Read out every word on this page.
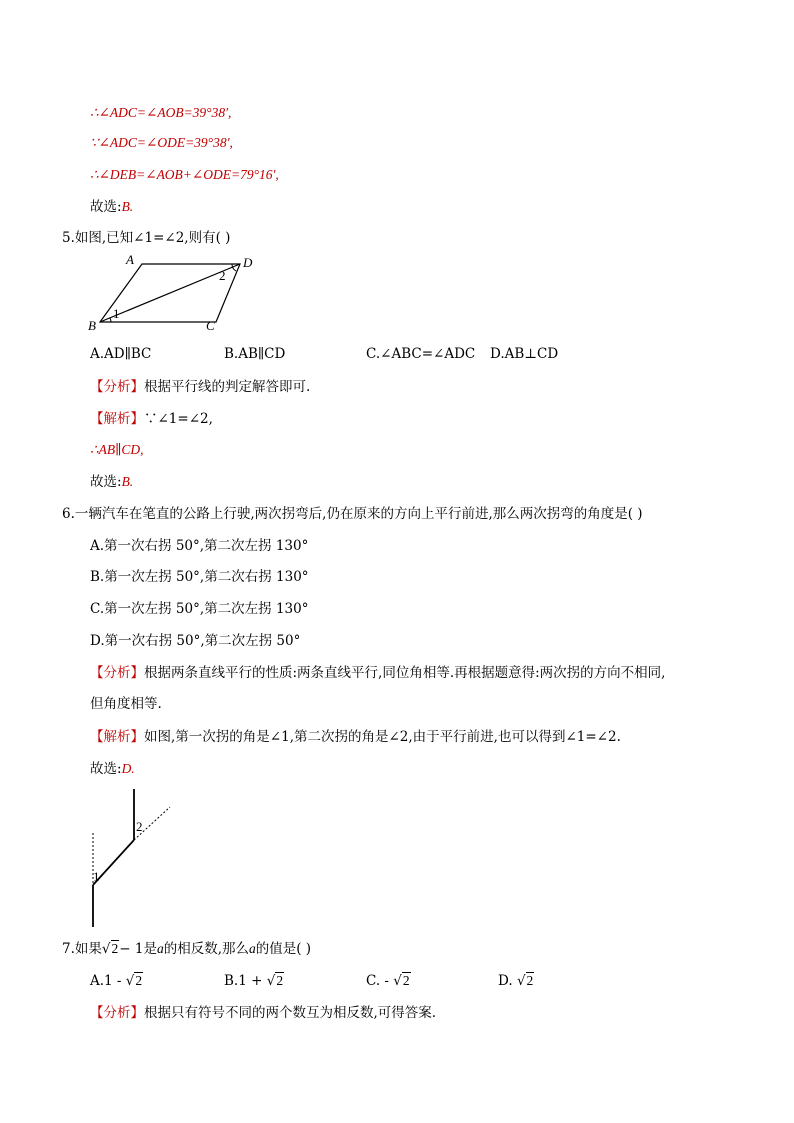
∴∠ADC=∠AOB=39°38′,
∵∠ADC=∠ODE=39°38′,
∴∠DEB=∠AOB+∠ODE=79°16′,
故选:B.
5.如图,已知∠1=∠2,则有( )
A	D
B	C
1
2
A.AD∥BC	B.AB∥CD	C.∠ABC=∠ADC D.AB⊥CD
【分析】根据平行线的判定解答即可.
【解析】∵∠1=∠2,
∴AB∥CD,
故选:B.
6.一辆汽车在笔直的公路上行驶,两次拐弯后,仍在原来的方向上平行前进,那么两次拐弯的角度是( )
A.第一次右拐 50°,第二次左拐 130°
B.第一次左拐 50°,第二次右拐 130°
C.第一次左拐 50°,第二次左拐 130°
D.第一次右拐 50°,第二次左拐 50°
【分析】根据两条直线平行的性质:两条直线平行,同位角相等.再根据题意得:两次拐的方向不相同,
但角度相等.
【解析】如图,第一次拐的角是∠1,第二次拐的角是∠2,由于平行前进,也可以得到∠1=∠2.
故选:D.
1
2
7.如果√2− 1是a的相反数,那么a的值是( )
A.1 - √2	B.1 + √2	C. - √2	D. √2
【分析】根据只有符号不同的两个数互为相反数,可得答案.
